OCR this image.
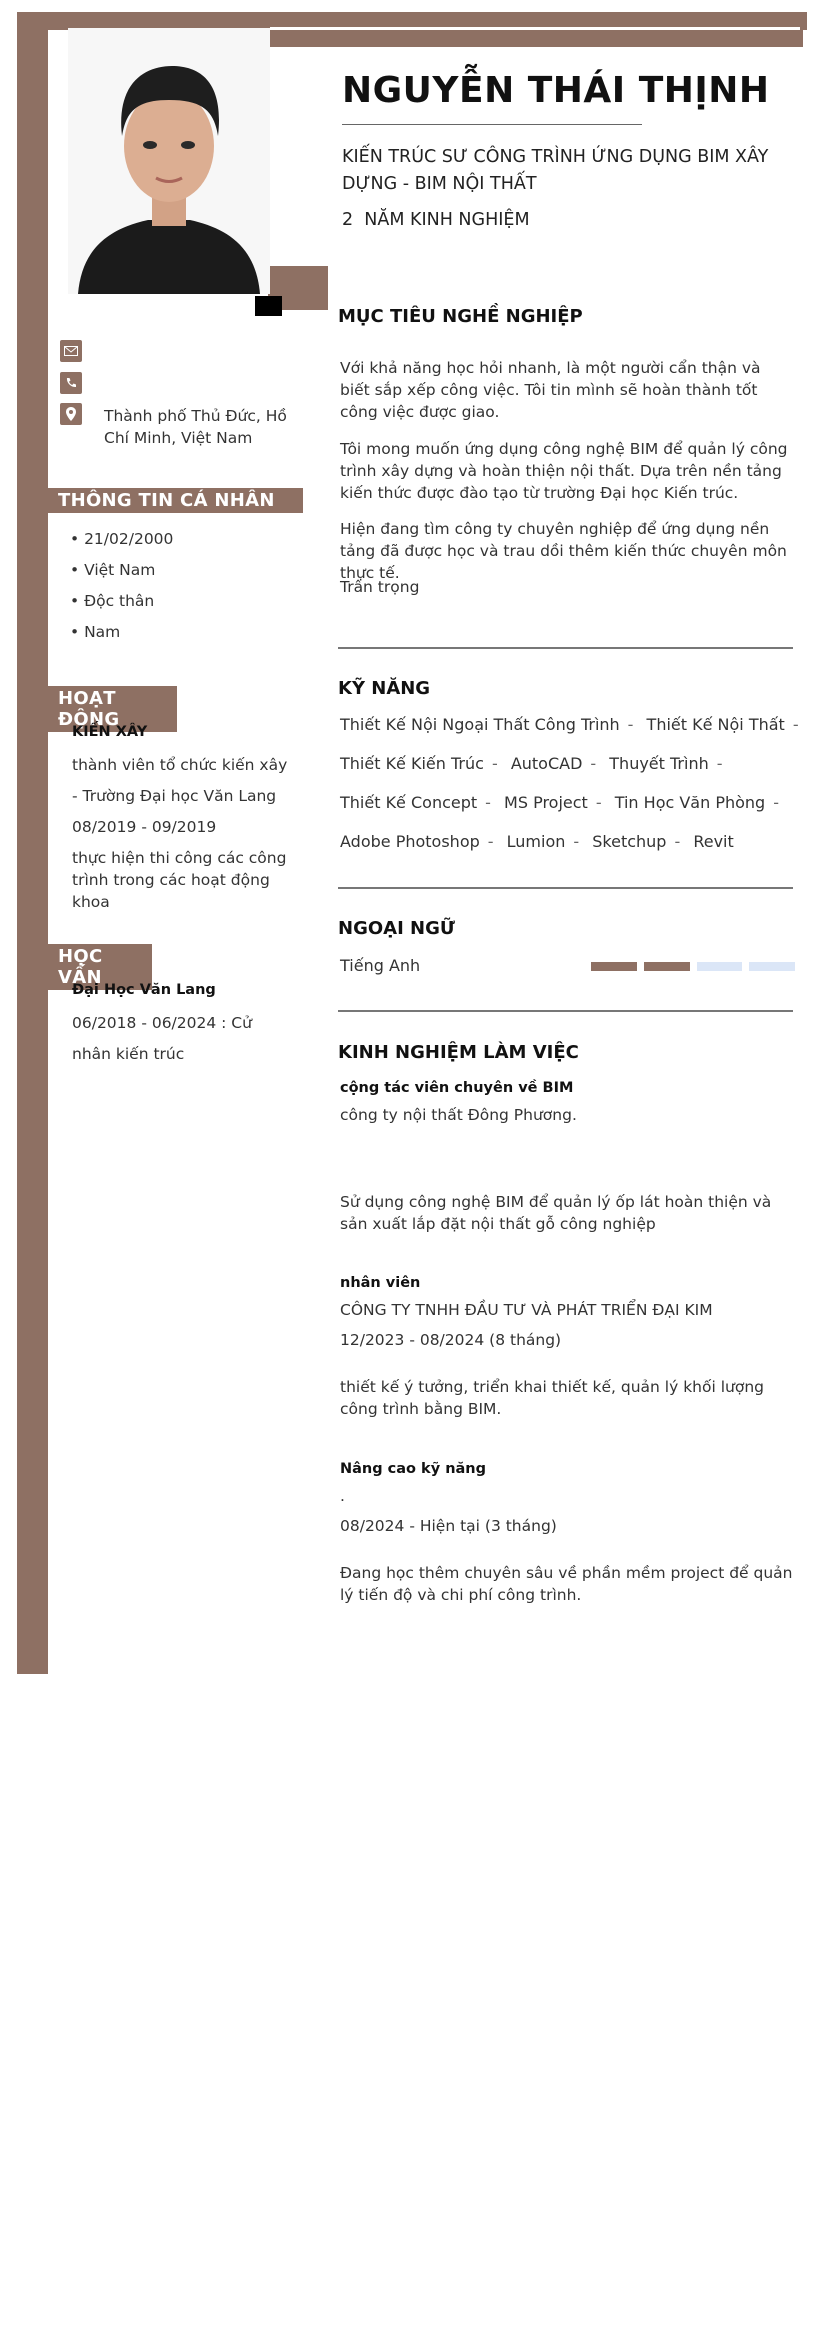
Thành phố Thủ Đức, Hồ Chí Minh, Việt Nam
THÔNG TIN CÁ NHÂN
• 21/02/2000
• Việt Nam
• Độc thân
• Nam
HOẠT ĐỘNG
KIẾN XÂY
thành viên tổ chức kiến xây - Trường Đại học Văn Lang
08/2019 - 09/2019
thực hiện thi công các công trình trong các hoạt động khoa
HỌC VẤN
Đại Học Văn Lang
06/2018 - 06/2024 : Cử nhân kiến trúc
NGUYỄN THÁI THỊNH
KIẾN TRÚC SƯ CÔNG TRÌNH ỨNG DỤNG BIM XÂY DỰNG - BIM NỘI THẤT
2  NĂM KINH NGHIỆM
MỤC TIÊU NGHỀ NGHIỆP
Với khả năng học hỏi nhanh, là một người cẩn thận và biết sắp xếp công việc. Tôi tin mình sẽ hoàn thành tốt công việc được giao.
Tôi mong muốn ứng dụng công nghệ BIM để quản lý công trình xây dựng và hoàn thiện nội thất. Dựa trên nền tảng kiến thức được đào tạo từ trường Đại học Kiến trúc.
Hiện đang tìm công ty chuyên nghiệp để ứng dụng nền tảng đã được học và trau dồi thêm kiến thức chuyên môn thực tế.
Trân trọng
KỸ NĂNG
Thiết Kế Nội Ngoại Thất Công Trình - Thiết Kế Nội Thất -
Thiết Kế Kiến Trúc - AutoCAD - Thuyết Trình -
Thiết Kế Concept - MS Project - Tin Học Văn Phòng -
Adobe Photoshop - Lumion - Sketchup - Revit
NGOẠI NGỮ
Tiếng Anh
KINH NGHIỆM LÀM VIỆC
cộng tác viên chuyên về BIM
công ty nội thất Đông Phương.
Sử dụng công nghệ BIM để quản lý ốp lát hoàn thiện và sản xuất lắp đặt nội thất gỗ công nghiệp
nhân viên
CÔNG TY TNHH ĐẦU TƯ VÀ PHÁT TRIỂN ĐẠI KIM
12/2023 - 08/2024 (8 tháng)
thiết kế ý tưởng, triển khai thiết kế, quản lý khối lượng công trình bằng BIM.
Nâng cao kỹ năng
.
08/2024 - Hiện tại (3 tháng)
Đang học thêm chuyên sâu về phần mềm project để quản lý tiến độ và chi phí công trình.
